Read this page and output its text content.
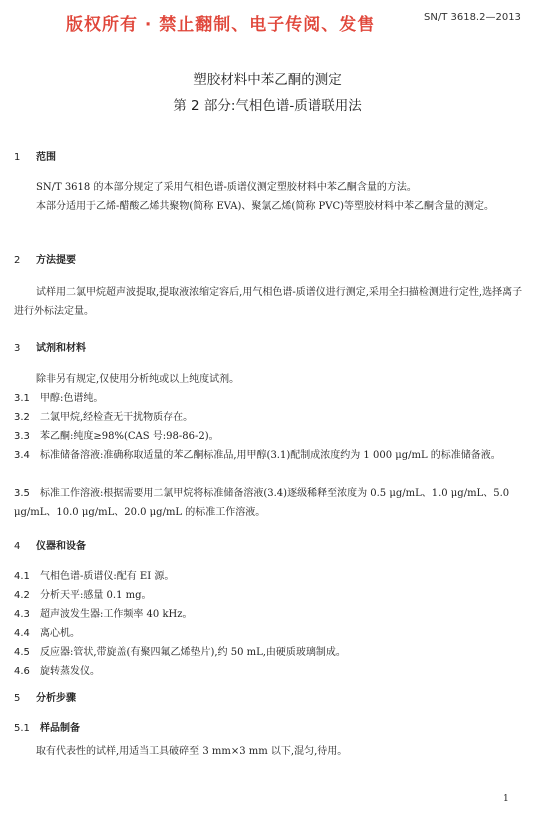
版权所有 · 禁止翻制、电子传阅、发售	SN/T 3618.2—2013
塑胶材料中苯乙酮的测定
第 2 部分:气相色谱-质谱联用法
1 范围
SN/T 3618 的本部分规定了采用气相色谱-质谱仪测定塑胶材料中苯乙酮含量的方法。
本部分适用于乙烯-醋酸乙烯共聚物(简称 EVA)、聚氯乙烯(简称 PVC)等塑胶材料中苯乙酮含量的测定。
2 方法提要
试样用二氯甲烷超声波提取,提取液浓缩定容后,用气相色谱-质谱仪进行测定,采用全扫描检测进行定性,选择离子进行外标法定量。
3 试剂和材料
除非另有规定,仅使用分析纯或以上纯度试剂。
3.1 甲醇:色谱纯。
3.2 二氯甲烷,经检查无干扰物质存在。
3.3 苯乙酮:纯度≥98%(CAS 号:98-86-2)。
3.4 标准储备溶液:准确称取适量的苯乙酮标准品,用甲醇(3.1)配制成浓度约为 1 000 μg/mL 的标准储备液。
3.5 标准工作溶液:根据需要用二氯甲烷将标准储备溶液(3.4)逐级稀释至浓度为 0.5 μg/mL、1.0 μg/mL、5.0 μg/mL、10.0 μg/mL、20.0 μg/mL 的标准工作溶液。
4 仪器和设备
4.1 气相色谱-质谱仪:配有 EI 源。
4.2 分析天平:感量 0.1 mg。
4.3 超声波发生器:工作频率 40 kHz。
4.4 离心机。
4.5 反应器:管状,带旋盖(有聚四氟乙烯垫片),约 50 mL,由硬质玻璃制成。
4.6 旋转蒸发仪。
5 分析步骤
5.1 样品制备
取有代表性的试样,用适当工具破碎至 3 mm×3 mm 以下,混匀,待用。
1
